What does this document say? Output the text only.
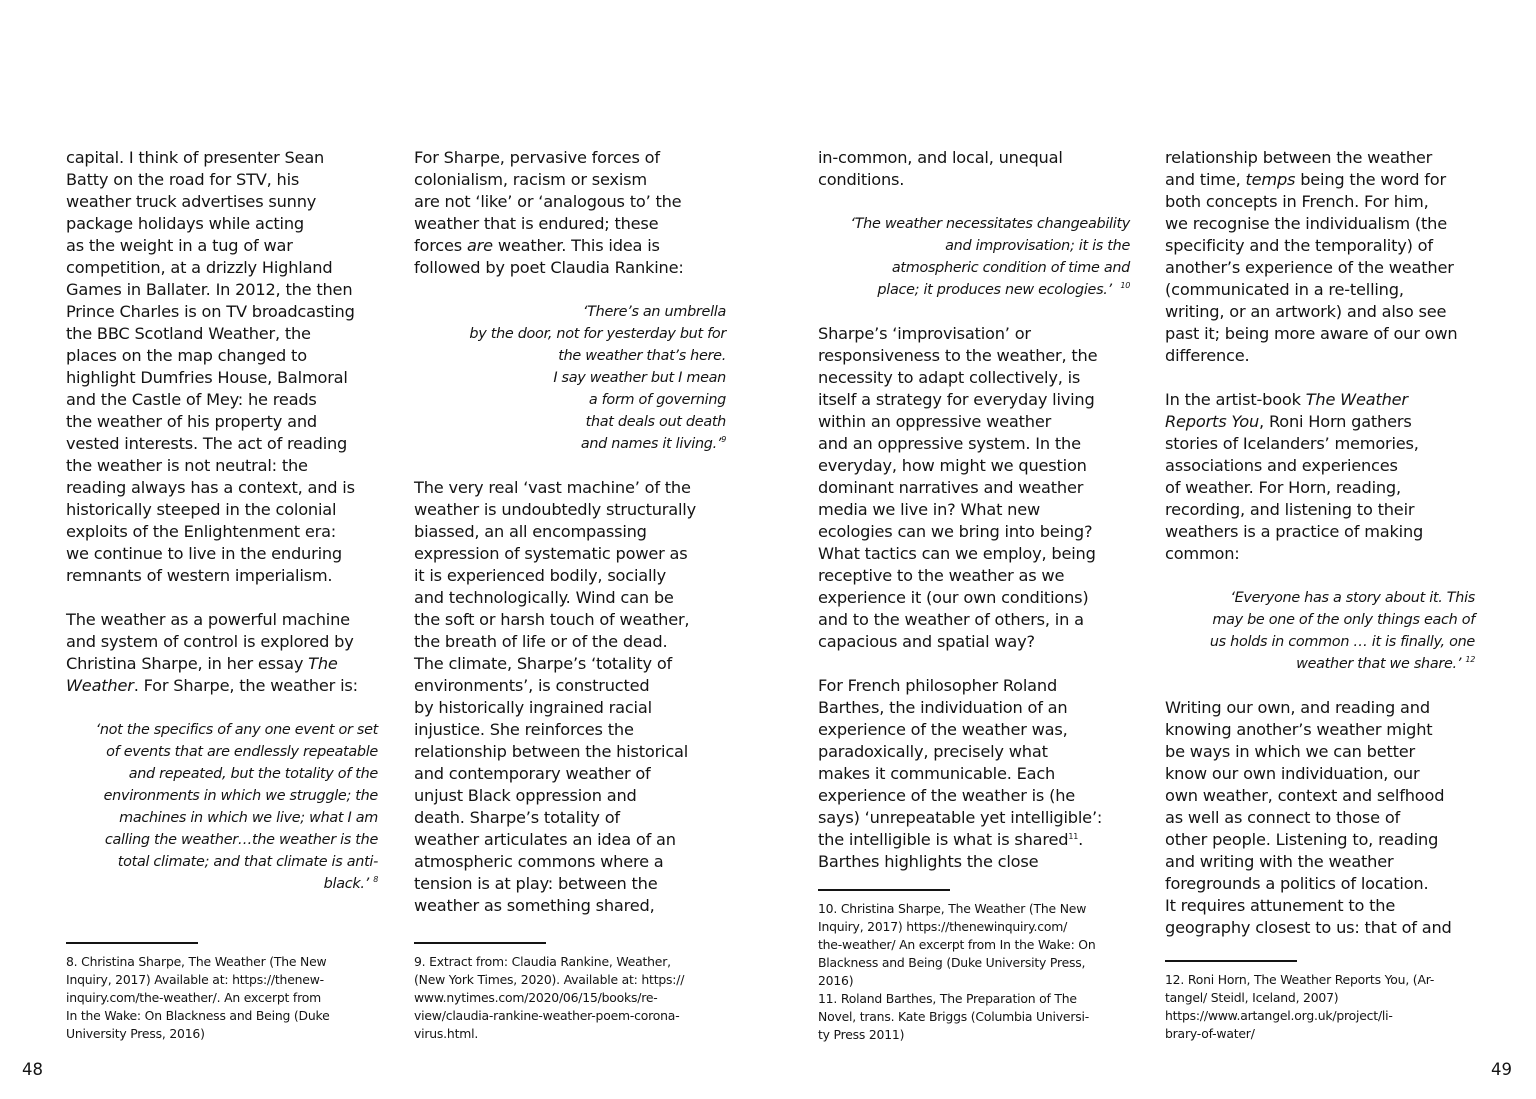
capital. I think of presenter Sean
Batty on the road for STV, his
weather truck advertises sunny
package holidays while acting
as the weight in a tug of war
competition, at a drizzly Highland
Games in Ballater. In 2012, the then
Prince Charles is on TV broadcasting
the BBC Scotland Weather, the
places on the map changed to
highlight Dumfries House, Balmoral
and the Castle of Mey: he reads
the weather of his property and
vested interests. The act of reading
the weather is not neutral: the
reading always has a context, and is
historically steeped in the colonial
exploits of the Enlightenment era:
we continue to live in the enduring
remnants of western imperialism.

The weather as a powerful machine
and system of control is explored by
Christina Sharpe, in her essay The
Weather. For Sharpe, the weather is:

‘not the specifics of any one event or set
of events that are endlessly repeatable
and repeated, but the totality of the
environments in which we struggle; the
machines in which we live; what I am
calling the weather…the weather is the
total climate; and that climate is anti-
black.’ $^8$

For Sharpe, pervasive forces of
colonialism, racism or sexism
are not ‘like’ or ‘analogous to’ the
weather that is endured; these
forces are weather. This idea is
followed by poet Claudia Rankine:

‘There’s an umbrella
by the door, not for yesterday but for
the weather that’s here.
I say weather but I mean
a form of governing
that deals out death
and names it living.’$^9$

The very real ‘vast machine’ of the
weather is undoubtedly structurally
biassed, an all encompassing
expression of systematic power as
it is experienced bodily, socially
and technologically. Wind can be
the soft or harsh touch of weather,
the breath of life or of the dead.
The climate, Sharpe’s ‘totality of
environments’, is constructed
by historically ingrained racial
injustice. She reinforces the
relationship between the historical
and contemporary weather of
unjust Black oppression and
death. Sharpe’s totality of
weather articulates an idea of an
atmospheric commons where a
tension is at play: between the
weather as something shared,

in-common, and local, unequal
conditions.

‘The weather necessitates changeability
and improvisation; it is the
atmospheric condition of time and
place; it produces new ecologies.’ $^{10}$

Sharpe’s ‘improvisation’ or
responsiveness to the weather, the
necessity to adapt collectively, is
itself a strategy for everyday living
within an oppressive weather
and an oppressive system. In the
everyday, how might we question
dominant narratives and weather
media we live in? What new
ecologies can we bring into being?
What tactics can we employ, being
receptive to the weather as we
experience it (our own conditions)
and to the weather of others, in a
capacious and spatial way?

For French philosopher Roland
Barthes, the individuation of an
experience of the weather was,
paradoxically, precisely what
makes it communicable. Each
experience of the weather is (he
says) ‘unrepeatable yet intelligible’:
the intelligible is what is shared$^{11}$.
Barthes highlights the close

relationship between the weather
and time, temps being the word for
both concepts in French. For him,
we recognise the individualism (the
specificity and the temporality) of
another’s experience of the weather
(communicated in a re-telling,
writing, or an artwork) and also see
past it; being more aware of our own
difference.

In the artist-book The Weather
Reports You, Roni Horn gathers
stories of Icelanders’ memories,
associations and experiences
of weather. For Horn, reading,
recording, and listening to their
weathers is a practice of making
common:

‘Everyone has a story about it. This
may be one of the only things each of
us holds in common … it is finally, one
weather that we share.’ $^{12}$

Writing our own, and reading and
knowing another’s weather might
be ways in which we can better
know our own individuation, our
own weather, context and selfhood
as well as connect to those of
other people. Listening to, reading
and writing with the weather
foregrounds a politics of location.
It requires attunement to the
geography closest to us: that of and

8. Christina Sharpe, The Weather (The New
Inquiry, 2017) Available at: https://thenew-
inquiry.com/the-weather/. An excerpt from
In the Wake: On Blackness and Being (Duke
University Press, 2016)

9. Extract from: Claudia Rankine, Weather,
(New York Times, 2020). Available at: https://
www.nytimes.com/2020/06/15/books/re-
view/claudia-rankine-weather-poem-corona-
virus.html.

10. Christina Sharpe, The Weather (The New
Inquiry, 2017) https://thenewinquiry.com/
the-weather/ An excerpt from In the Wake: On
Blackness and Being (Duke University Press,
2016)

11. Roland Barthes, The Preparation of The
Novel, trans. Kate Briggs (Columbia Universi-
ty Press 2011)

12. Roni Horn, The Weather Reports You, (Ar-
tangel/ Steidl, Iceland, 2007)
https://www.artangel.org.uk/project/li-
brary-of-water/

48	49
